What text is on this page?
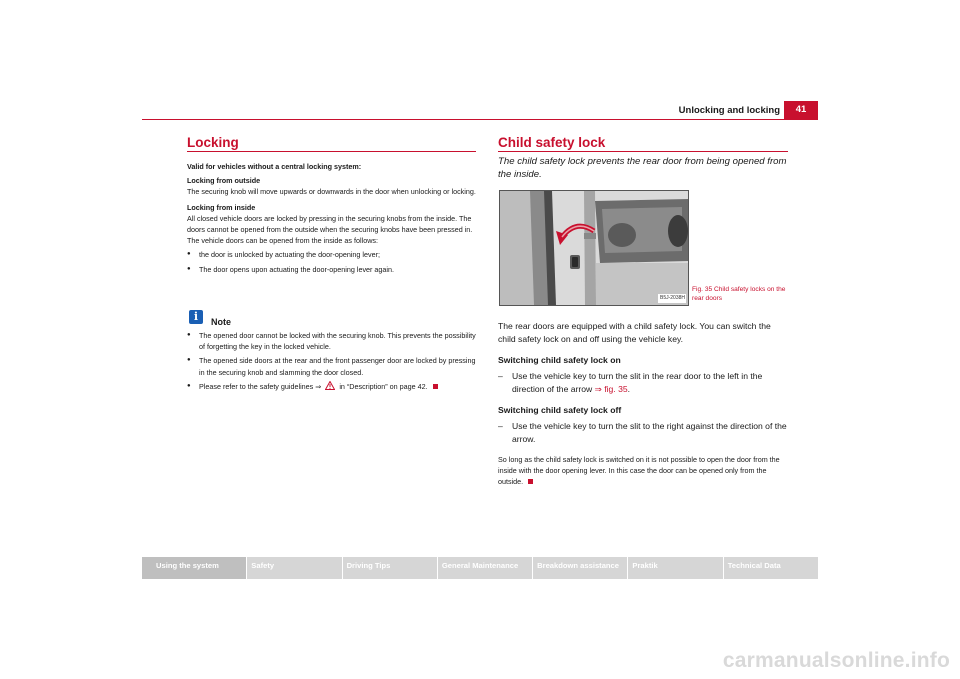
Unlocking and locking	41
Locking
Valid for vehicles without a central locking system:
Locking from outside
The securing knob will move upwards or downwards in the door when unlocking or locking.
Locking from inside
All closed vehicle doors are locked by pressing in the securing knobs from the inside. The doors cannot be opened from the outside when the securing knobs have been pressed in. The vehicle doors can be opened from the inside as follows:
● the door is unlocked by actuating the door-opening lever;
● The door opens upon actuating the door-opening lever again.
i	Note
● The opened door cannot be locked with the securing knob. This prevents the possibility of forgetting the key in the locked vehicle.
● The opened side doors at the rear and the front passenger door are locked by pressing in the securing knob and slamming the door closed.
● Please refer to the safety guidelines ⇒	in “Description” on page 42.
Child safety lock
The child safety lock prevents the rear door from being opened from the inside.
B5J-2038H
Fig. 35 Child safety locks on the rear doors
The rear doors are equipped with a child safety lock. You can switch the child safety lock on and off using the vehicle key.
Switching child safety lock on
– Use the vehicle key to turn the slit in the rear door to the left in the direction of the arrow ⇒ fig. 35.
Switching child safety lock off
– Use the vehicle key to turn the slit to the right against the direction of the arrow.
So long as the child safety lock is switched on it is not possible to open the door from the inside with the door opening lever. In this case the door can be opened only from the outside.
Using the system	Safety	Driving Tips	General Maintenance	Breakdown assistance	Praktik	Technical Data
carmanualsonline.info
